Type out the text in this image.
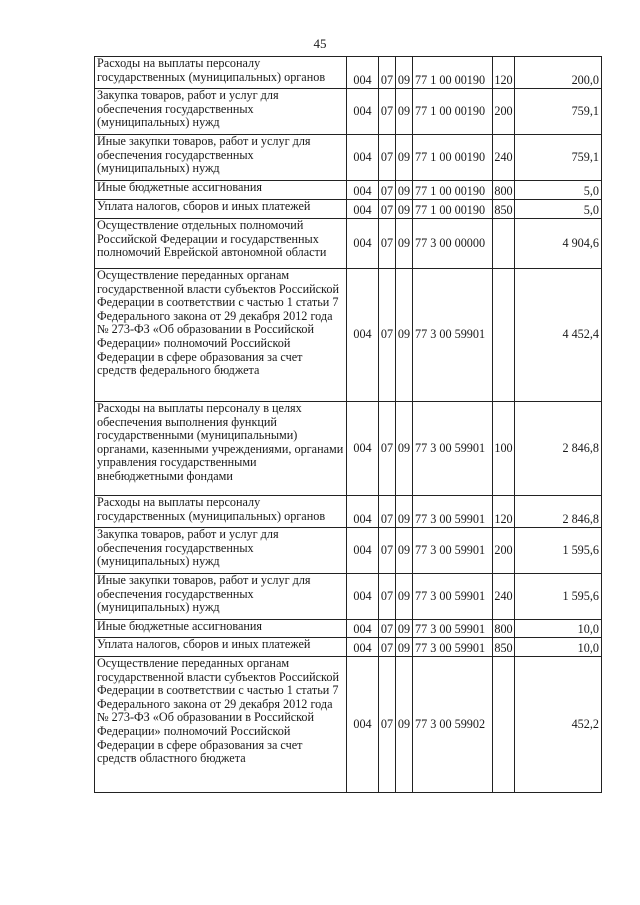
45
Расходы на выплаты персоналу государственных (муниципальных) органов	004	07	09	77 1 00 00190	120	200,0
Закупка товаров, работ и услуг для обеспечения государственных (муниципальных) нужд	004	07	09	77 1 00 00190	200	759,1
Иные закупки товаров, работ и услуг для обеспечения государственных (муниципальных) нужд	004	07	09	77 1 00 00190	240	759,1
Иные бюджетные ассигнования	004	07	09	77 1 00 00190	800	5,0
Уплата налогов, сборов и иных платежей	004	07	09	77 1 00 00190	850	5,0
Осуществление отдельных полномочий Российской Федерации и государственных полномочий Еврейской автономной области	004	07	09	77 3 00 00000		4 904,6
Осуществление переданных органам государственной власти субъектов Российской Федерации в соответствии с частью 1 статьи 7 Федерального закона от 29 декабря 2012 года № 273-ФЗ «Об образовании в Российской Федерации» полномочий Российской Федерации в сфере образования за счет средств федерального бюджета	004	07	09	77 3 00 59901		4 452,4
Расходы на выплаты персоналу в целях обеспечения выполнения функций государственными (муниципальными) органами, казенными учреждениями, органами управления государственными внебюджетными фондами	004	07	09	77 3 00 59901	100	2 846,8
Расходы на выплаты персоналу государственных (муниципальных) органов	004	07	09	77 3 00 59901	120	2 846,8
Закупка товаров, работ и услуг для обеспечения государственных (муниципальных) нужд	004	07	09	77 3 00 59901	200	1 595,6
Иные закупки товаров, работ и услуг для обеспечения государственных (муниципальных) нужд	004	07	09	77 3 00 59901	240	1 595,6
Иные бюджетные ассигнования	004	07	09	77 3 00 59901	800	10,0
Уплата налогов, сборов и иных платежей	004	07	09	77 3 00 59901	850	10,0
Осуществление переданных органам государственной власти субъектов Российской Федерации в соответствии с частью 1 статьи 7 Федерального закона от 29 декабря 2012 года № 273-ФЗ «Об образовании в Российской Федерации» полномочий Российской Федерации в сфере образования за счет средств областного бюджета	004	07	09	77 3 00 59902		452,2
